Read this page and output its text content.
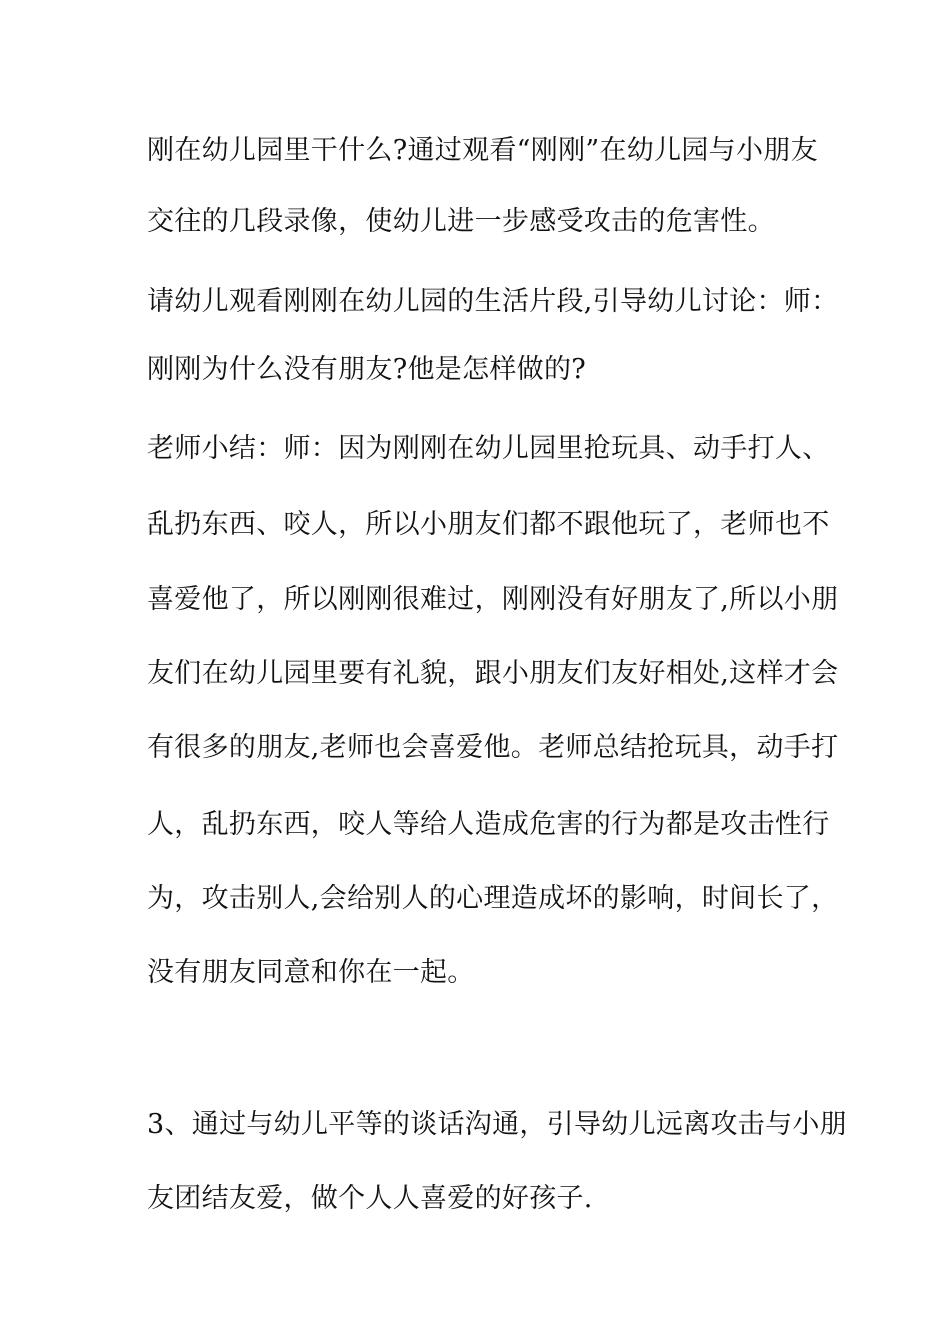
刚在幼儿园里干什么?通过观看“刚刚”在幼儿园与小朋友
交往的几段录像，使幼儿进一步感受攻击的危害性。
请幼儿观看刚刚在幼儿园的生活片段,引导幼儿讨论：师：
刚刚为什么没有朋友?他是怎样做的?
老师小结：师：因为刚刚在幼儿园里抢玩具、动手打人、
乱扔东西、咬人，所以小朋友们都不跟他玩了，老师也不
喜爱他了，所以刚刚很难过，刚刚没有好朋友了,所以小朋
友们在幼儿园里要有礼貌，跟小朋友们友好相处,这样才会
有很多的朋友,老师也会喜爱他。老师总结抢玩具，动手打
人，乱扔东西，咬人等给人造成危害的行为都是攻击性行
为，攻击别人,会给别人的心理造成坏的影响，时间长了，
没有朋友同意和你在一起。
3、通过与幼儿平等的谈话沟通，引导幼儿远离攻击与小朋
友团结友爱，做个人人喜爱的好孩子.
